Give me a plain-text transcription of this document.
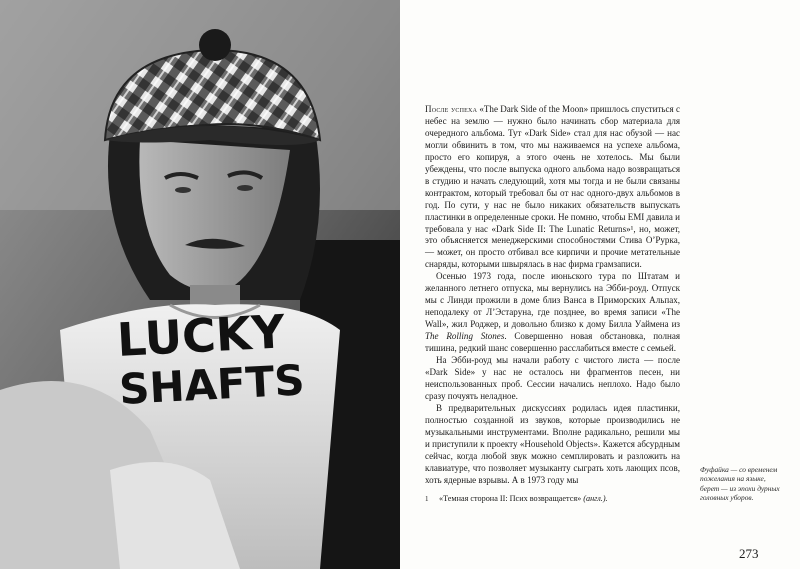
LUCKY
SHAFTS

После успеха «The Dark Side of the Moon» пришлось спуститься с небес на землю — нужно было начинать сбор материала для очередного альбома. Тут «Dark Side» стал для нас обузой — нас могли обвинить в том, что мы наживаемся на успехе альбома, просто его копируя, а этого очень не хотелось. Мы были убеждены, что после выпуска одного альбома надо возвращаться в студию и начать следующий, хотя мы тогда и не были связаны контрактом, который требовал бы от нас одного-двух альбомов в год. По сути, у нас не было никаких обязательств выпускать пластинки в определенные сроки. Не помню, чтобы EMI давила и требовала у нас «Dark Side II: The Lunatic Returns»¹, но, может, это объясняется менеджерскими способностями Стива О’Рурка, — может, он просто отбивал все кирпичи и прочие метательные снаряды, которыми швырялась в нас фирма грамзаписи.

Осенью 1973 года, после июньского тура по Штатам и желанного летнего отпуска, мы вернулись на Эбби-роуд. Отпуск мы с Линди прожили в доме близ Ванса в Приморских Альпах, неподалеку от Л’Эстаруна, где позднее, во время записи «The Wall», жил Роджер, и довольно близко к дому Билла Уаймена из The Rolling Stones. Совершенно новая обстановка, полная тишина, редкий шанс совершенно расслабиться вместе с семьей.

На Эбби-роуд мы начали работу с чистого листа — после «Dark Side» у нас не осталось ни фрагментов песен, ни неиспользованных проб. Сессии начались неплохо. Надо было сразу почуять неладное.

В предварительных дискуссиях родилась идея пластинки, полностью созданной из звуков, которые производились не музыкальными инструментами. Вполне радикально, решили мы и приступили к проекту «Household Objects». Кажется абсурдным сейчас, когда любой звук можно семплировать и разложить на клавиатуре, что позволяет музыканту сыграть хоть лающих псов, хоть ядерные взрывы. А в 1973 году мы

1 «Темная сторона II: Псих возвращается» (англ.).
Фуфайка — со временем пожелания на языке, берет — из эпохи дурных головных уборов.
273
